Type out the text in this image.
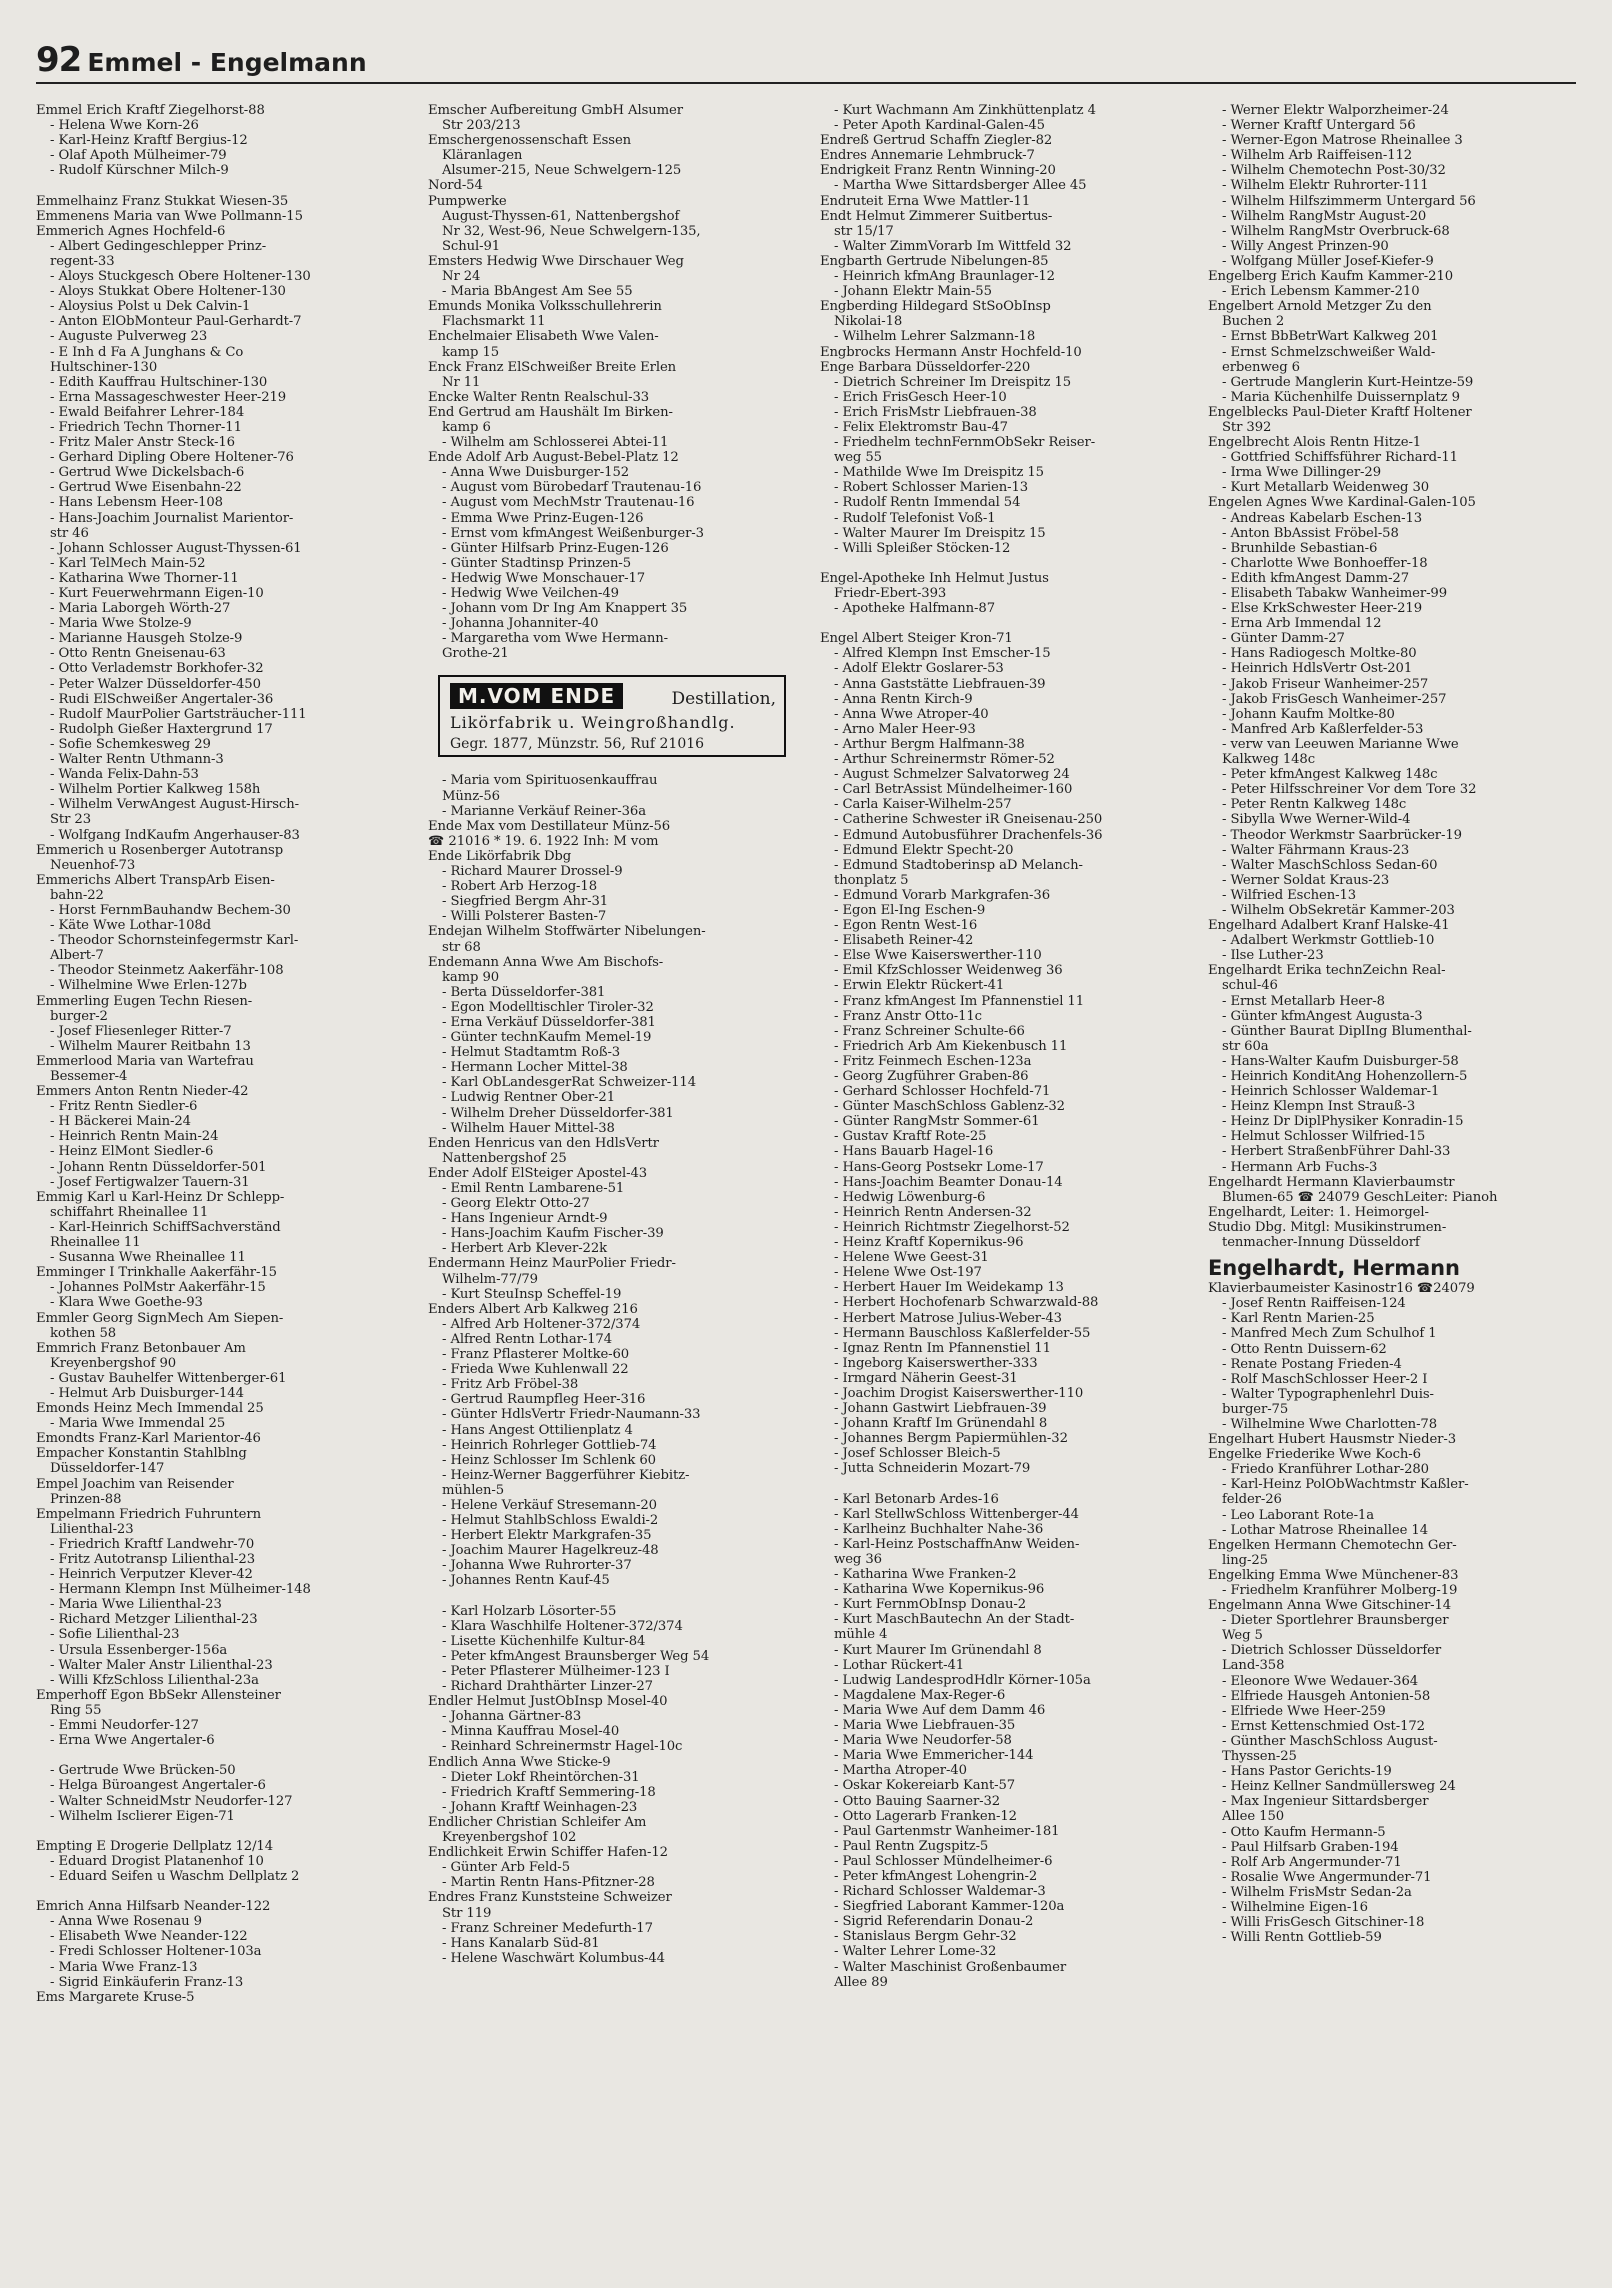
92 Emmel - Engelmann
Emmel Erich Kraftf Ziegelhorst-88
- Helena Wwe Korn-26
- Karl-Heinz Kraftf Bergius-12
- Olaf Apoth Mülheimer-79
- Rudolf Kürschner Milch-9
Emmelhainz Franz Stukkat Wiesen-35
Emmenens Maria van Wwe Pollmann-15
Emmerich Agnes Hochfeld-6
- Albert Gedingeschlepper Prinz-
regent-33
- Aloys Stuckgesch Obere Holtener-130
- Aloys Stukkat Obere Holtener-130
- Aloysius Polst u Dek Calvin-1
- Anton ElObMonteur Paul-Gerhardt-7
- Auguste Pulverweg 23
- E Inh d Fa A Junghans & Co
Hultschiner-130
- Edith Kauffrau Hultschiner-130
- Erna Massageschwester Heer-219
- Ewald Beifahrer Lehrer-184
- Friedrich Techn Thorner-11
- Fritz Maler Anstr Steck-16
- Gerhard Dipling Obere Holtener-76
- Gertrud Wwe Dickelsbach-6
- Gertrud Wwe Eisenbahn-22
- Hans Lebensm Heer-108
- Hans-Joachim Journalist Marientor-
str 46
- Johann Schlosser August-Thyssen-61
- Karl TelMech Main-52
- Katharina Wwe Thorner-11
- Kurt Feuerwehrmann Eigen-10
- Maria Laborgeh Wörth-27
- Maria Wwe Stolze-9
- Marianne Hausgeh Stolze-9
- Otto Rentn Gneisenau-63
- Otto Verlademstr Borkhofer-32
- Peter Walzer Düsseldorfer-450
- Rudi ElSchweißer Angertaler-36
- Rudolf MaurPolier Gartsträucher-111
- Rudolph Gießer Haxtergrund 17
- Sofie Schemkesweg 29
- Walter Rentn Uthmann-3
- Wanda Felix-Dahn-53
- Wilhelm Portier Kalkweg 158h
- Wilhelm VerwAngest August-Hirsch-
Str 23
- Wolfgang IndKaufm Angerhauser-83
Emmerich u Rosenberger Autotransp
Neuenhof-73
Emmerichs Albert TranspArb Eisen-
bahn-22
- Horst FernmBauhandw Bechem-30
- Käte Wwe Lothar-108d
- Theodor Schornsteinfegermstr Karl-
Albert-7
- Theodor Steinmetz Aakerfähr-108
- Wilhelmine Wwe Erlen-127b
Emmerling Eugen Techn Riesen-
burger-2
- Josef Fliesenleger Ritter-7
- Wilhelm Maurer Reitbahn 13
Emmerlood Maria van Wartefrau
Bessemer-4
Emmers Anton Rentn Nieder-42
- Fritz Rentn Siedler-6
- H Bäckerei Main-24
- Heinrich Rentn Main-24
- Heinz ElMont Siedler-6
- Johann Rentn Düsseldorfer-501
- Josef Fertigwalzer Tauern-31
Emmig Karl u Karl-Heinz Dr Schlepp-
schiffahrt Rheinallee 11
- Karl-Heinrich SchiffSachverständ
Rheinallee 11
- Susanna Wwe Rheinallee 11
Emminger I Trinkhalle Aakerfähr-15
- Johannes PolMstr Aakerfähr-15
- Klara Wwe Goethe-93
Emmler Georg SignMech Am Siepen-
kothen 58
Emmrich Franz Betonbauer Am
Kreyenbergshof 90
- Gustav Bauhelfer Wittenberger-61
- Helmut Arb Duisburger-144
Emonds Heinz Mech Immendal 25
- Maria Wwe Immendal 25
Emondts Franz-Karl Marientor-46
Empacher Konstantin Stahlblng
Düsseldorfer-147
Empel Joachim van Reisender
Prinzen-88
Empelmann Friedrich Fuhruntern
Lilienthal-23
- Friedrich Kraftf Landwehr-70
- Fritz Autotransp Lilienthal-23
- Heinrich Verputzer Klever-42
- Hermann Klempn Inst Mülheimer-148
- Maria Wwe Lilienthal-23
- Richard Metzger Lilienthal-23
- Sofie Lilienthal-23
- Ursula Essenberger-156a
- Walter Maler Anstr Lilienthal-23
- Willi KfzSchloss Lilienthal-23a
Emperhoff Egon BbSekr Allensteiner
Ring 55
- Emmi Neudorfer-127
- Erna Wwe Angertaler-6
- Gertrude Wwe Brücken-50
- Helga Büroangest Angertaler-6
- Walter SchneidMstr Neudorfer-127
- Wilhelm Isclierer Eigen-71
Empting E Drogerie Dellplatz 12/14
- Eduard Drogist Platanenhof 10
- Eduard Seifen u Waschm Dellplatz 2
Emrich Anna Hilfsarb Neander-122
- Anna Wwe Rosenau 9
- Elisabeth Wwe Neander-122
- Fredi Schlosser Holtener-103a
- Maria Wwe Franz-13
- Sigrid Einkäuferin Franz-13
Ems Margarete Kruse-5
Emscher Aufbereitung GmbH Alsumer
Str 203/213
Emschergenossenschaft Essen
Kläranlagen
Alsumer-215, Neue Schwelgern-125
Nord-54
Pumpwerke
August-Thyssen-61, Nattenbergshof
Nr 32, West-96, Neue Schwelgern-135,
Schul-91
Emsters Hedwig Wwe Dirschauer Weg
Nr 24
- Maria BbAngest Am See 55
Emunds Monika Volksschullehrerin
Flachsmarkt 11
Enchelmaier Elisabeth Wwe Valen-
kamp 15
Enck Franz ElSchweißer Breite Erlen
Nr 11
Encke Walter Rentn Realschul-33
End Gertrud am Haushält Im Birken-
kamp 6
- Wilhelm am Schlosserei Abtei-11
Ende Adolf Arb August-Bebel-Platz 12
- Anna Wwe Duisburger-152
- August vom Bürobedarf Trautenau-16
- August vom MechMstr Trautenau-16
- Emma Wwe Prinz-Eugen-126
- Ernst vom kfmAngest Weißenburger-3
- Günter Hilfsarb Prinz-Eugen-126
- Günter Stadtinsp Prinzen-5
- Hedwig Wwe Monschauer-17
- Hedwig Wwe Veilchen-49
- Johann vom Dr Ing Am Knappert 35
- Johanna Johanniter-40
- Margaretha vom Wwe Hermann-
Grothe-21
M.VOM ENDE	Destillation,
Likörfabrik u. Weingroßhandlg.
Gegr. 1877, Münzstr. 56, Ruf 21016
- Maria vom Spirituosenkauffrau
Münz-56
- Marianne Verkäuf Reiner-36a
Ende Max vom Destillateur Münz-56
☎ 21016 * 19. 6. 1922 Inh: M vom
Ende Likörfabrik Dbg
- Richard Maurer Drossel-9
- Robert Arb Herzog-18
- Siegfried Bergm Ahr-31
- Willi Polsterer Basten-7
Endejan Wilhelm Stoffwärter Nibelungen-
str 68
Endemann Anna Wwe Am Bischofs-
kamp 90
- Berta Düsseldorfer-381
- Egon Modelltischler Tiroler-32
- Erna Verkäuf Düsseldorfer-381
- Günter technKaufm Memel-19
- Helmut Stadtamtm Roß-3
- Hermann Locher Mittel-38
- Karl ObLandesgerRat Schweizer-114
- Ludwig Rentner Ober-21
- Wilhelm Dreher Düsseldorfer-381
- Wilhelm Hauer Mittel-38
Enden Henricus van den HdlsVertr
Nattenbergshof 25
Ender Adolf ElSteiger Apostel-43
- Emil Rentn Lambarene-51
- Georg Elektr Otto-27
- Hans Ingenieur Arndt-9
- Hans-Joachim Kaufm Fischer-39
- Herbert Arb Klever-22k
Endermann Heinz MaurPolier Friedr-
Wilhelm-77/79
- Kurt SteuInsp Scheffel-19
Enders Albert Arb Kalkweg 216
- Alfred Arb Holtener-372/374
- Alfred Rentn Lothar-174
- Franz Pflasterer Moltke-60
- Frieda Wwe Kuhlenwall 22
- Fritz Arb Fröbel-38
- Gertrud Raumpfleg Heer-316
- Günter HdlsVertr Friedr-Naumann-33
- Hans Angest Ottilienplatz 4
- Heinrich Rohrleger Gottlieb-74
- Heinz Schlosser Im Schlenk 60
- Heinz-Werner Baggerführer Kiebitz-
mühlen-5
- Helene Verkäuf Stresemann-20
- Helmut StahlbSchloss Ewaldi-2
- Herbert Elektr Markgrafen-35
- Joachim Maurer Hagelkreuz-48
- Johanna Wwe Ruhrorter-37
- Johannes Rentn Kauf-45
- Karl Holzarb Lösorter-55
- Klara Waschhilfe Holtener-372/374
- Lisette Küchenhilfe Kultur-84
- Peter kfmAngest Braunsberger Weg 54
- Peter Pflasterer Mülheimer-123 I
- Richard Drahthärter Linzer-27
Endler Helmut JustObInsp Mosel-40
- Johanna Gärtner-83
- Minna Kauffrau Mosel-40
- Reinhard Schreinermstr Hagel-10c
Endlich Anna Wwe Sticke-9
- Dieter Lokf Rheintörchen-31
- Friedrich Kraftf Semmering-18
- Johann Kraftf Weinhagen-23
Endlicher Christian Schleifer Am
Kreyenbergshof 102
Endlichkeit Erwin Schiffer Hafen-12
- Günter Arb Feld-5
- Martin Rentn Hans-Pfitzner-28
Endres Franz Kunststeine Schweizer
Str 119
- Franz Schreiner Medefurth-17
- Hans Kanalarb Süd-81
- Helene Waschwärt Kolumbus-44
- Kurt Wachmann Am Zinkhüttenplatz 4
- Peter Apoth Kardinal-Galen-45
Endreß Gertrud Schaffn Ziegler-82
Endres Annemarie Lehmbruck-7
Endrigkeit Franz Rentn Winning-20
- Martha Wwe Sittardsberger Allee 45
Endruteit Erna Wwe Mattler-11
Endt Helmut Zimmerer Suitbertus-
str 15/17
- Walter ZimmVorarb Im Wittfeld 32
Engbarth Gertrude Nibelungen-85
- Heinrich kfmAng Braunlager-12
- Johann Elektr Main-55
Engberding Hildegard StSoObInsp
Nikolai-18
- Wilhelm Lehrer Salzmann-18
Engbrocks Hermann Anstr Hochfeld-10
Enge Barbara Düsseldorfer-220
- Dietrich Schreiner Im Dreispitz 15
- Erich FrisGesch Heer-10
- Erich FrisMstr Liebfrauen-38
- Felix Elektromstr Bau-47
- Friedhelm technFernmObSekr Reiser-
weg 55
- Mathilde Wwe Im Dreispitz 15
- Robert Schlosser Marien-13
- Rudolf Rentn Immendal 54
- Rudolf Telefonist Voß-1
- Walter Maurer Im Dreispitz 15
- Willi Spleißer Stöcken-12
Engel-Apotheke Inh Helmut Justus
Friedr-Ebert-393
- Apotheke Halfmann-87
Engel Albert Steiger Kron-71
- Alfred Klempn Inst Emscher-15
- Adolf Elektr Goslarer-53
- Anna Gaststätte Liebfrauen-39
- Anna Rentn Kirch-9
- Anna Wwe Atroper-40
- Arno Maler Heer-93
- Arthur Bergm Halfmann-38
- Arthur Schreinermstr Römer-52
- August Schmelzer Salvatorweg 24
- Carl BetrAssist Mündelheimer-160
- Carla Kaiser-Wilhelm-257
- Catherine Schwester iR Gneisenau-250
- Edmund Autobusführer Drachenfels-36
- Edmund Elektr Specht-20
- Edmund Stadtoberinsp aD Melanch-
thonplatz 5
- Edmund Vorarb Markgrafen-36
- Egon El-Ing Eschen-9
- Egon Rentn West-16
- Elisabeth Reiner-42
- Else Wwe Kaiserswerther-110
- Emil KfzSchlosser Weidenweg 36
- Erwin Elektr Rückert-41
- Franz kfmAngest Im Pfannenstiel 11
- Franz Anstr Otto-11c
- Franz Schreiner Schulte-66
- Friedrich Arb Am Kiekenbusch 11
- Fritz Feinmech Eschen-123a
- Georg Zugführer Graben-86
- Gerhard Schlosser Hochfeld-71
- Günter MaschSchloss Gablenz-32
- Günter RangMstr Sommer-61
- Gustav Kraftf Rote-25
- Hans Bauarb Hagel-16
- Hans-Georg Postsekr Lome-17
- Hans-Joachim Beamter Donau-14
- Hedwig Löwenburg-6
- Heinrich Rentn Andersen-32
- Heinrich Richtmstr Ziegelhorst-52
- Heinz Kraftf Kopernikus-96
- Helene Wwe Geest-31
- Helene Wwe Ost-197
- Herbert Hauer Im Weidekamp 13
- Herbert Hochofenarb Schwarzwald-88
- Herbert Matrose Julius-Weber-43
- Hermann Bauschloss Kaßlerfelder-55
- Ignaz Rentn Im Pfannenstiel 11
- Ingeborg Kaiserswerther-333
- Irmgard Näherin Geest-31
- Joachim Drogist Kaiserswerther-110
- Johann Gastwirt Liebfrauen-39
- Johann Kraftf Im Grünendahl 8
- Johannes Bergm Papiermühlen-32
- Josef Schlosser Bleich-5
- Jutta Schneiderin Mozart-79
- Karl Betonarb Ardes-16
- Karl StellwSchloss Wittenberger-44
- Karlheinz Buchhalter Nahe-36
- Karl-Heinz PostschaffnAnw Weiden-
weg 36
- Katharina Wwe Franken-2
- Katharina Wwe Kopernikus-96
- Kurt FernmObInsp Donau-2
- Kurt MaschBautechn An der Stadt-
mühle 4
- Kurt Maurer Im Grünendahl 8
- Lothar Rückert-41
- Ludwig LandesprodHdlr Körner-105a
- Magdalene Max-Reger-6
- Maria Wwe Auf dem Damm 46
- Maria Wwe Liebfrauen-35
- Maria Wwe Neudorfer-58
- Maria Wwe Emmericher-144
- Martha Atroper-40
- Oskar Kokereiarb Kant-57
- Otto Bauing Saarner-32
- Otto Lagerarb Franken-12
- Paul Gartenmstr Wanheimer-181
- Paul Rentn Zugspitz-5
- Paul Schlosser Mündelheimer-6
- Peter kfmAngest Lohengrin-2
- Richard Schlosser Waldemar-3
- Siegfried Laborant Kammer-120a
- Sigrid Referendarin Donau-2
- Stanislaus Bergm Gehr-32
- Walter Lehrer Lome-32
- Walter Maschinist Großenbaumer
Allee 89
- Werner Elektr Walporzheimer-24
- Werner Kraftf Untergard 56
- Werner-Egon Matrose Rheinallee 3
- Wilhelm Arb Raiffeisen-112
- Wilhelm Chemotechn Post-30/32
- Wilhelm Elektr Ruhrorter-111
- Wilhelm Hilfszimmerm Untergard 56
- Wilhelm RangMstr August-20
- Wilhelm RangMstr Overbruck-68
- Willy Angest Prinzen-90
- Wolfgang Müller Josef-Kiefer-9
Engelberg Erich Kaufm Kammer-210
- Erich Lebensm Kammer-210
Engelbert Arnold Metzger Zu den
Buchen 2
- Ernst BbBetrWart Kalkweg 201
- Ernst Schmelzschweißer Wald-
erbenweg 6
- Gertrude Manglerin Kurt-Heintze-59
- Maria Küchenhilfe Duissernplatz 9
Engelblecks Paul-Dieter Kraftf Holtener
Str 392
Engelbrecht Alois Rentn Hitze-1
- Gottfried Schiffsführer Richard-11
- Irma Wwe Dillinger-29
- Kurt Metallarb Weidenweg 30
Engelen Agnes Wwe Kardinal-Galen-105
- Andreas Kabelarb Eschen-13
- Anton BbAssist Fröbel-58
- Brunhilde Sebastian-6
- Charlotte Wwe Bonhoeffer-18
- Edith kfmAngest Damm-27
- Elisabeth Tabakw Wanheimer-99
- Else KrkSchwester Heer-219
- Erna Arb Immendal 12
- Günter Damm-27
- Hans Radiogesch Moltke-80
- Heinrich HdlsVertr Ost-201
- Jakob Friseur Wanheimer-257
- Jakob FrisGesch Wanheimer-257
- Johann Kaufm Moltke-80
- Manfred Arb Kaßlerfelder-53
- verw van Leeuwen Marianne Wwe
Kalkweg 148c
- Peter kfmAngest Kalkweg 148c
- Peter Hilfsschreiner Vor dem Tore 32
- Peter Rentn Kalkweg 148c
- Sibylla Wwe Werner-Wild-4
- Theodor Werkmstr Saarbrücker-19
- Walter Fährmann Kraus-23
- Walter MaschSchloss Sedan-60
- Werner Soldat Kraus-23
- Wilfried Eschen-13
- Wilhelm ObSekretär Kammer-203
Engelhard Adalbert Kranf Halske-41
- Adalbert Werkmstr Gottlieb-10
- Ilse Luther-23
Engelhardt Erika technZeichn Real-
schul-46
- Ernst Metallarb Heer-8
- Günter kfmAngest Augusta-3
- Günther Baurat DiplIng Blumenthal-
str 60a
- Hans-Walter Kaufm Duisburger-58
- Heinrich KonditAng Hohenzollern-5
- Heinrich Schlosser Waldemar-1
- Heinz Klempn Inst Strauß-3
- Heinz Dr DiplPhysiker Konradin-15
- Helmut Schlosser Wilfried-15
- Herbert StraßenbFührer Dahl-33
- Hermann Arb Fuchs-3
Engelhardt Hermann Klavierbaumstr
Blumen-65 ☎ 24079 GeschLeiter: Pianoh
Engelhardt, Leiter: 1. Heimorgel-
Studio Dbg. Mitgl: Musikinstrumen-
tenmacher-Innung Düsseldorf
Engelhardt, Hermann
Klavierbaumeister Kasinostr16 ☎24079
- Josef Rentn Raiffeisen-124
- Karl Rentn Marien-25
- Manfred Mech Zum Schulhof 1
- Otto Rentn Duissern-62
- Renate Postang Frieden-4
- Rolf MaschSchlosser Heer-2 I
- Walter Typographenlehrl Duis-
burger-75
- Wilhelmine Wwe Charlotten-78
Engelhart Hubert Hausmstr Nieder-3
Engelke Friederike Wwe Koch-6
- Friedo Kranführer Lothar-280
- Karl-Heinz PolObWachtmstr Kaßler-
felder-26
- Leo Laborant Rote-1a
- Lothar Matrose Rheinallee 14
Engelken Hermann Chemotechn Ger-
ling-25
Engelking Emma Wwe Münchener-83
- Friedhelm Kranführer Molberg-19
Engelmann Anna Wwe Gitschiner-14
- Dieter Sportlehrer Braunsberger
Weg 5
- Dietrich Schlosser Düsseldorfer
Land-358
- Eleonore Wwe Wedauer-364
- Elfriede Hausgeh Antonien-58
- Elfriede Wwe Heer-259
- Ernst Kettenschmied Ost-172
- Günther MaschSchloss August-
Thyssen-25
- Hans Pastor Gerichts-19
- Heinz Kellner Sandmüllersweg 24
- Max Ingenieur Sittardsberger
Allee 150
- Otto Kaufm Hermann-5
- Paul Hilfsarb Graben-194
- Rolf Arb Angermunder-71
- Rosalie Wwe Angermunder-71
- Wilhelm FrisMstr Sedan-2a
- Wilhelmine Eigen-16
- Willi FrisGesch Gitschiner-18
- Willi Rentn Gottlieb-59
